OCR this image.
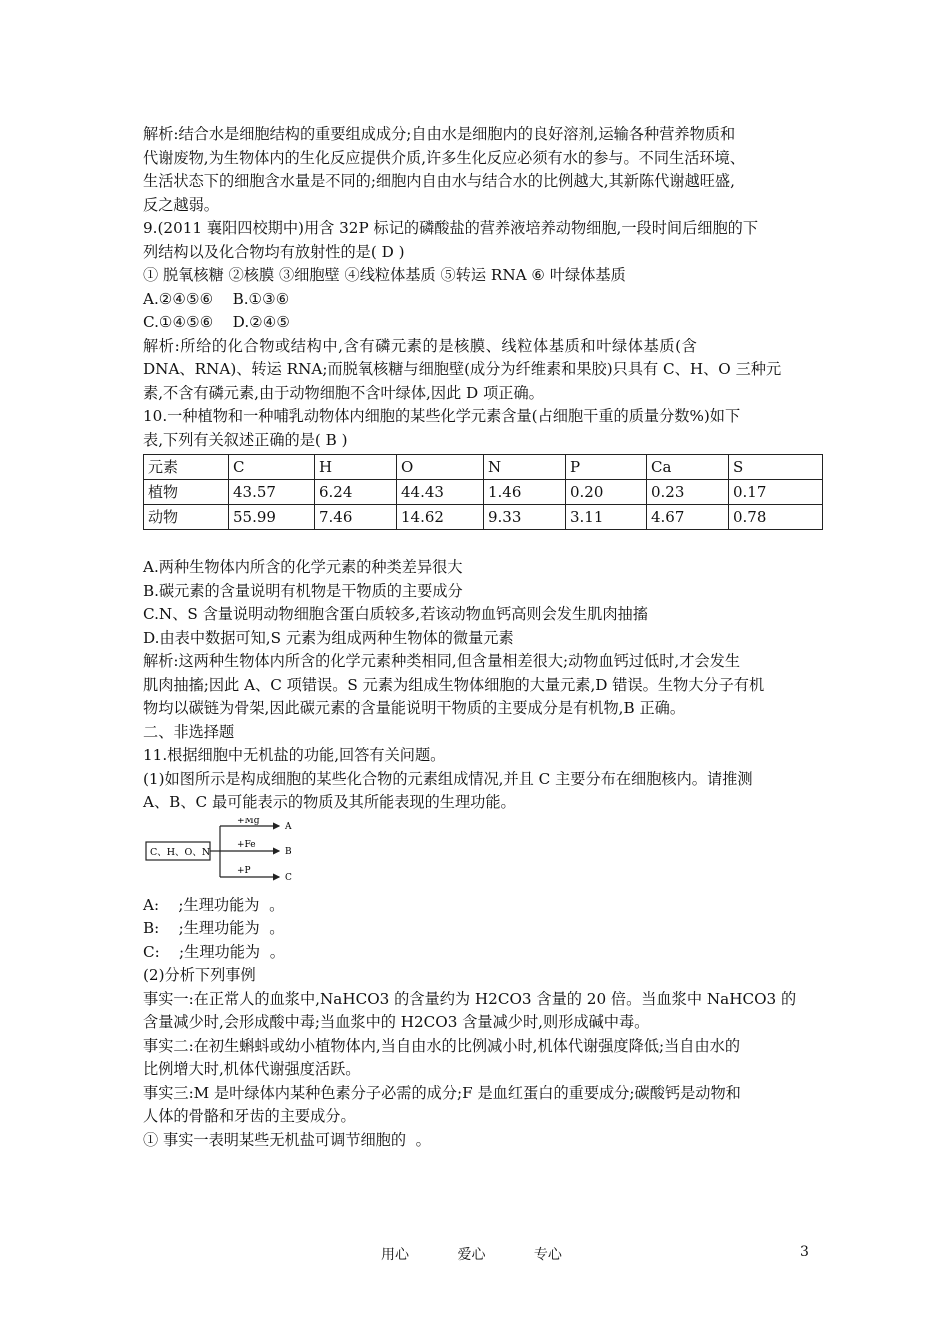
解析:结合水是细胞结构的重要组成成分;自由水是细胞内的良好溶剂,运输各种营养物质和

代谢废物,为生物体内的生化反应提供介质,许多生化反应必须有水的参与。不同生活环境、

生活状态下的细胞含水量是不同的;细胞内自由水与结合水的比例越大,其新陈代谢越旺盛,

反之越弱。

9.(2011 襄阳四校期中)用含 32P 标记的磷酸盐的营养液培养动物细胞,一段时间后细胞的下

列结构以及化合物均有放射性的是( D )

① 脱氧核糖 ②核膜 ③细胞壁 ④线粒体基质 ⑤转运 RNA ⑥ 叶绿体基质

A.②④⑤⑥    B.①③⑥

C.①④⑤⑥    D.②④⑤

解析:所给的化合物或结构中,含有磷元素的是核膜、线粒体基质和叶绿体基质(含

DNA、RNA)、转运 RNA;而脱氧核糖与细胞壁(成分为纤维素和果胶)只具有 C、H、O 三种元

素,不含有磷元素,由于动物细胞不含叶绿体,因此 D 项正确。

10.一种植物和一种哺乳动物体内细胞的某些化学元素含量(占细胞干重的质量分数%)如下

表,下列有关叙述正确的是( B )

元素	C	H	O	N	P	Ca	S
植物	43.57	6.24	44.43	1.46	0.20	0.23	0.17
动物	55.99	7.46	14.62	9.33	3.11	4.67	0.78

A.两种生物体内所含的化学元素的种类差异很大

B.碳元素的含量说明有机物是干物质的主要成分

C.N、S 含量说明动物细胞含蛋白质较多,若该动物血钙高则会发生肌肉抽搐

D.由表中数据可知,S 元素为组成两种生物体的微量元素

解析:这两种生物体内所含的化学元素种类相同,但含量相差很大;动物血钙过低时,才会发生

肌肉抽搐;因此 A、C 项错误。S 元素为组成生物体细胞的大量元素,D 错误。生物大分子有机

物均以碳链为骨架,因此碳元素的含量能说明干物质的主要成分是有机物,B 正确。

二、非选择题

11.根据细胞中无机盐的功能,回答有关问题。

(1)如图所示是构成细胞的某些化合物的元素组成情况,并且 C 主要分布在细胞核内。请推测

A、B、C 最可能表示的物质及其所能表现的生理功能。

C、H、O、N
+Mg
+Fe
+P
A
B
C

A:    ;生理功能为  。

B:    ;生理功能为  。

C:    ;生理功能为  。

(2)分析下列事例

事实一:在正常人的血浆中,NaHCO3 的含量约为 H2CO3 含量的 20 倍。当血浆中 NaHCO3 的

含量减少时,会形成酸中毒;当血浆中的 H2CO3 含量减少时,则形成碱中毒。

事实二:在初生蝌蚪或幼小植物体内,当自由水的比例减小时,机体代谢强度降低;当自由水的

比例增大时,机体代谢强度活跃。

事实三:M 是叶绿体内某种色素分子必需的成分;F 是血红蛋白的重要成分;碳酸钙是动物和

人体的骨骼和牙齿的主要成分。

① 事实一表明某些无机盐可调节细胞的  。

用心	爱心	专心	3
